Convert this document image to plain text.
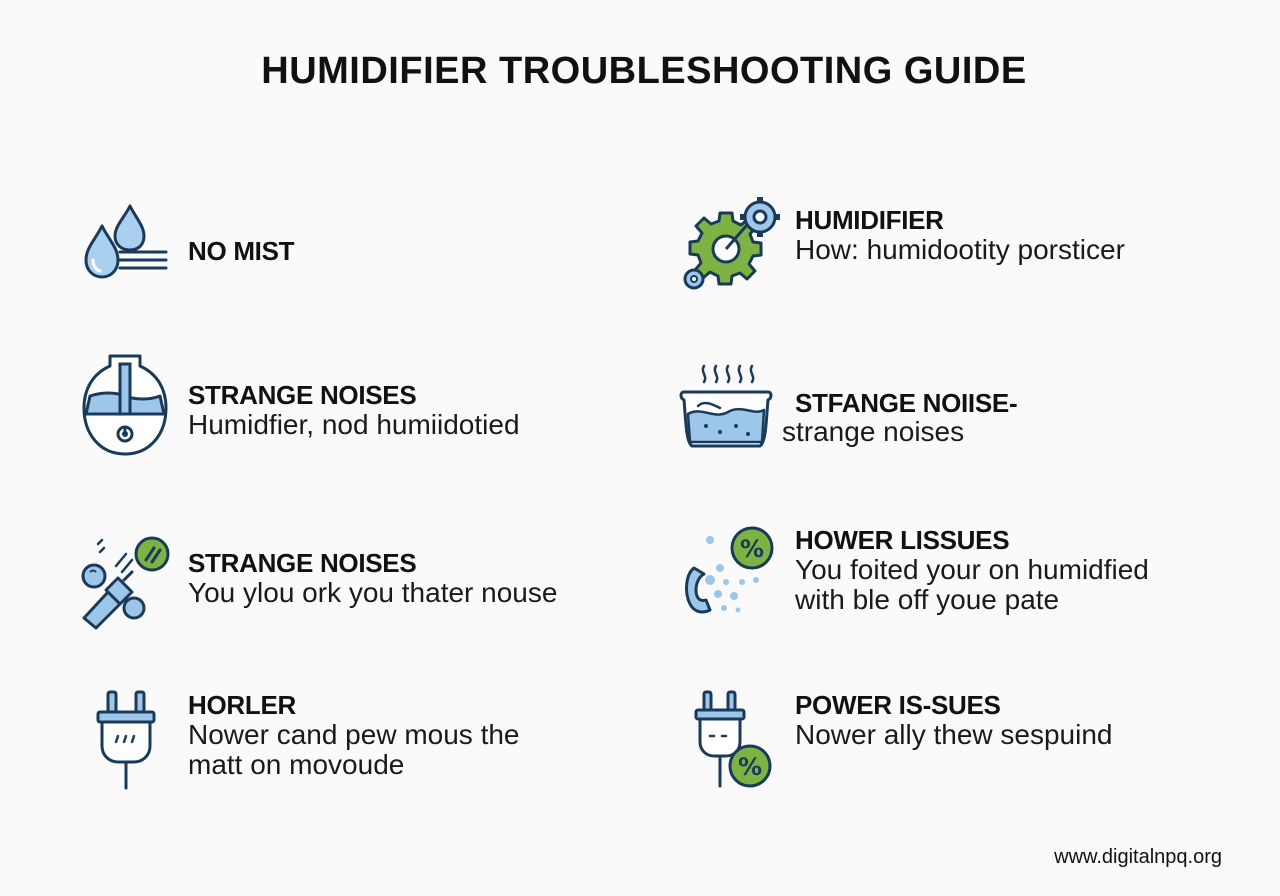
HUMIDIFIER TROUBLESHOOTING GUIDE
NO MIST
HUMIDIFIER
How: humidootity porsticer
STRANGE NOISES
Humidfier, nod humiidotied
STFANGE NOIISE-
strange noises
STRANGE NOISES
You ylou ork you thater nouse
% HOWER LISSUES
You foited your on humidfied
with ble off youe pate
HORLER
Nower cand pew mous the
matt on movoude	%
POWER IS-SUES
Nower ally thew sespuind
www.digitalnpq.org
